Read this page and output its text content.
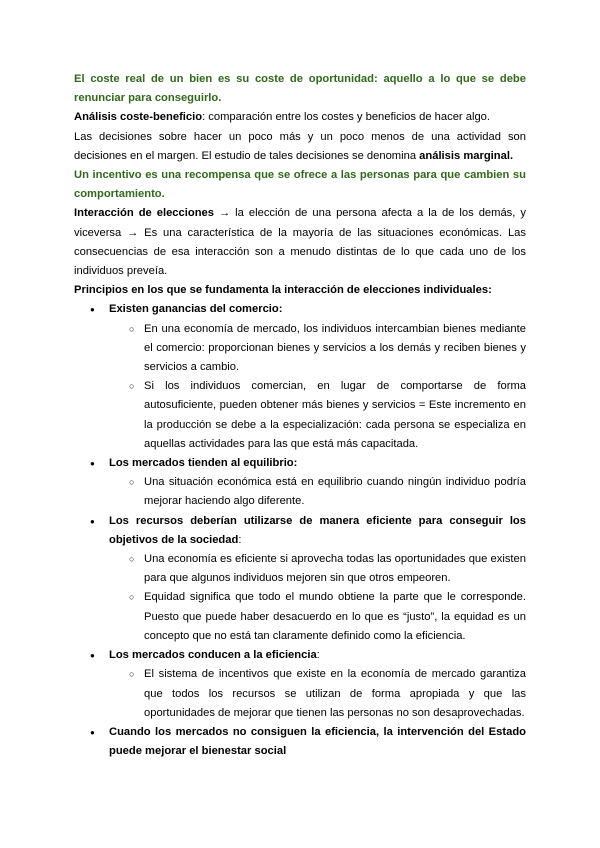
El coste real de un bien es su coste de oportunidad: aquello a lo que se debe renunciar para conseguirlo.

Análisis coste-beneficio: comparación entre los costes y beneficios de hacer algo.

Las decisiones sobre hacer un poco más y un poco menos de una actividad son decisiones en el margen. El estudio de tales decisiones se denomina análisis marginal.

Un incentivo es una recompensa que se ofrece a las personas para que cambien su comportamiento.

Interacción de elecciones → la elección de una persona afecta a la de los demás, y viceversa → Es una característica de la mayoría de las situaciones económicas. Las consecuencias de esa interacción son a menudo distintas de lo que cada uno de los individuos preveía.

Principios en los que se fundamenta la interacción de elecciones individuales:

● Existen ganancias del comercio:
○ En una economía de mercado, los individuos intercambian bienes mediante el comercio: proporcionan bienes y servicios a los demás y reciben bienes y servicios a cambio.
○ Si los individuos comercian, en lugar de comportarse de forma autosuficiente, pueden obtener más bienes y servicios = Este incremento en la producción se debe a la especialización: cada persona se especializa en aquellas actividades para las que está más capacitada.
● Los mercados tienden al equilibrio:
○ Una situación económica está en equilibrio cuando ningún individuo podría mejorar haciendo algo diferente.
● Los recursos deberían utilizarse de manera eficiente para conseguir los objetivos de la sociedad:
○ Una economía es eficiente si aprovecha todas las oportunidades que existen para que algunos individuos mejoren sin que otros empeoren.
○ Equidad significa que todo el mundo obtiene la parte que le corresponde. Puesto que puede haber desacuerdo en lo que es “justo”, la equidad es un concepto que no está tan claramente definido como la eficiencia.
● Los mercados conducen a la eficiencia:
○ El sistema de incentivos que existe en la economía de mercado garantiza que todos los recursos se utilizan de forma apropiada y que las oportunidades de mejorar que tienen las personas no son desaprovechadas.
● Cuando los mercados no consiguen la eficiencia, la intervención del Estado puede mejorar el bienestar social
